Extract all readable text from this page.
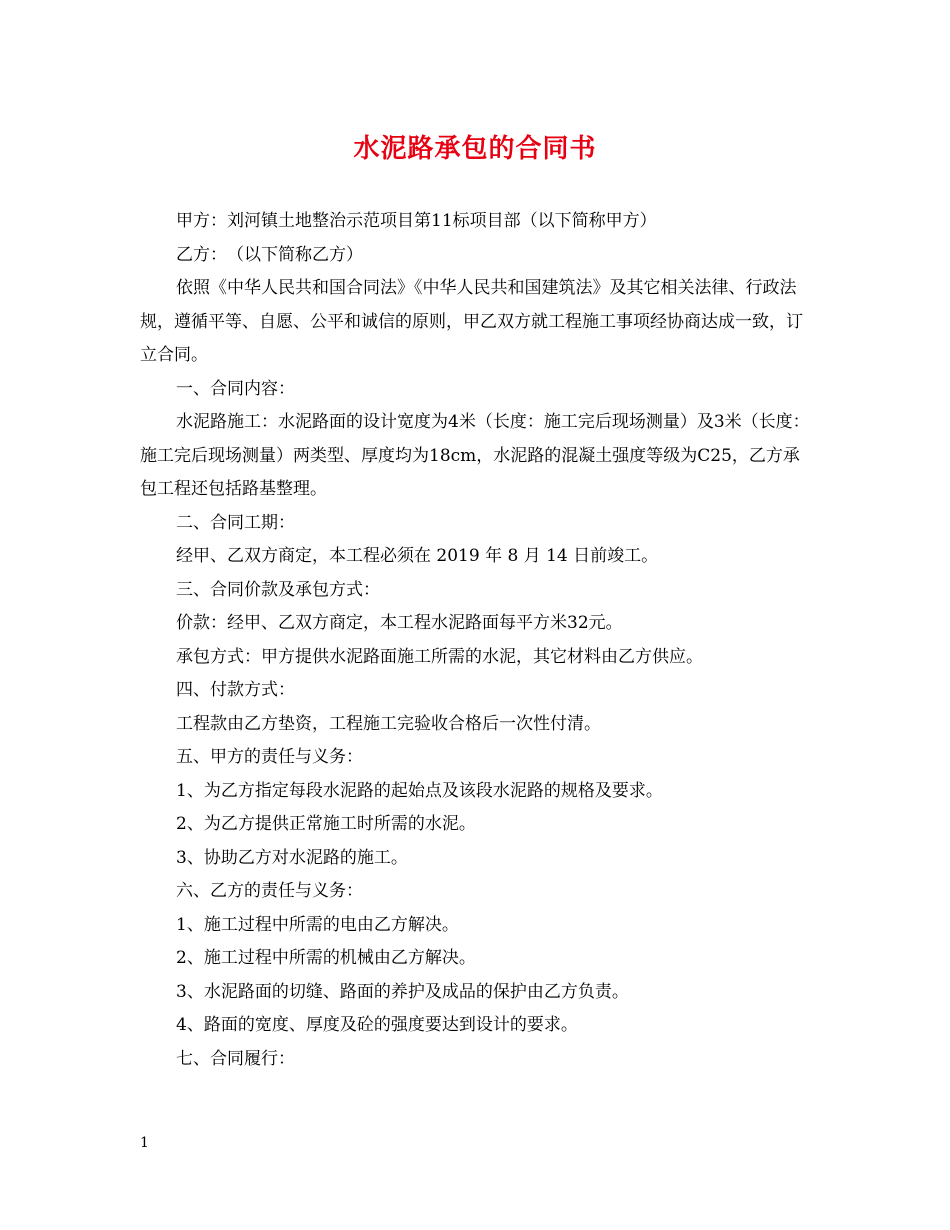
水泥路承包的合同书

甲方：刘河镇土地整治示范项目第11标项目部（以下简称甲方）

乙方：　（以下简称乙方）

依照《中华人民共和国合同法》《中华人民共和国建筑法》及其它相关法律、行政法规，遵循平等、自愿、公平和诚信的原则，甲乙双方就工程施工事项经协商达成一致，订立合同。

一、合同内容：

水泥路施工：水泥路面的设计宽度为4米（长度：施工完后现场测量）及3米（长度：施工完后现场测量）两类型、厚度均为18cm，水泥路的混凝土强度等级为C25，乙方承包工程还包括路基整理。

二、合同工期：

经甲、乙双方商定，本工程必须在 2019 年 8 月 14 日前竣工。

三、合同价款及承包方式：

价款：经甲、乙双方商定，本工程水泥路面每平方米32元。

承包方式：甲方提供水泥路面施工所需的水泥，其它材料由乙方供应。

四、付款方式：

工程款由乙方垫资，工程施工完验收合格后一次性付清。

五、甲方的责任与义务：

1、为乙方指定每段水泥路的起始点及该段水泥路的规格及要求。

2、为乙方提供正常施工时所需的水泥。

3、协助乙方对水泥路的施工。

六、乙方的责任与义务：

1、施工过程中所需的电由乙方解决。

2、施工过程中所需的机械由乙方解决。

3、水泥路面的切缝、路面的养护及成品的保护由乙方负责。

4、路面的宽度、厚度及砼的强度要达到设计的要求。

七、合同履行：

1
